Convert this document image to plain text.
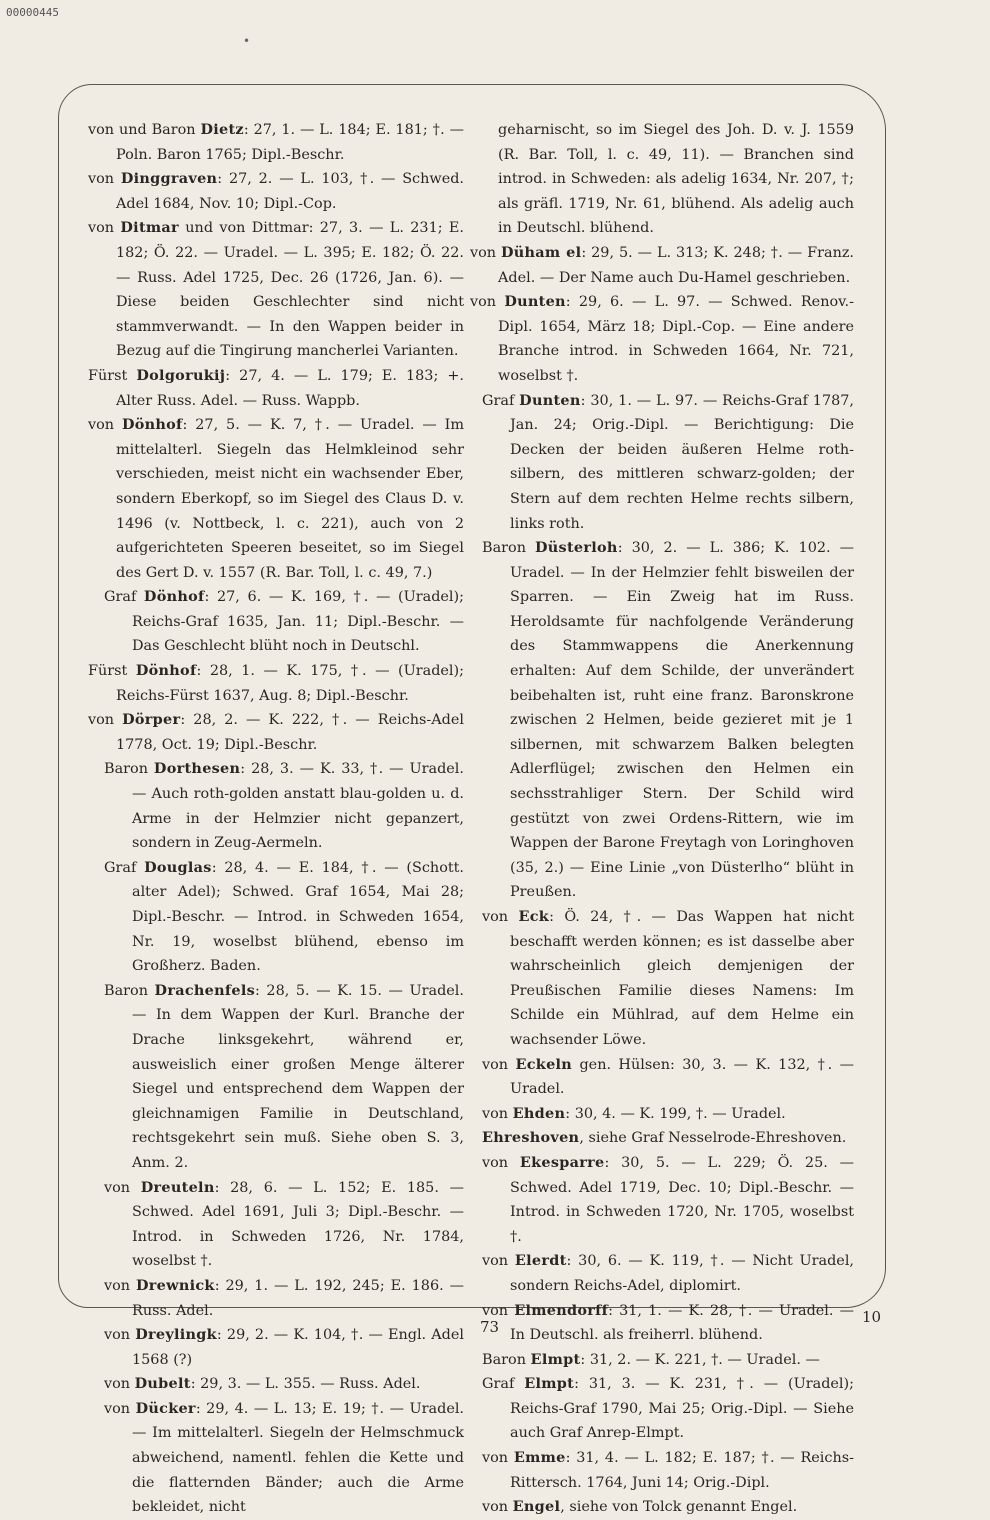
00000445
•

von und Baron Dietz: 27, 1. — L. 184; E. 181; †. — Poln. Baron 1765; Dipl.-Beschr.

von Dinggraven: 27, 2. — L. 103, †. — Schwed. Adel 1684, Nov. 10; Dipl.-Cop.

von Ditmar und von Dittmar: 27, 3. — L. 231; E. 182; Ö. 22. — Uradel. — L. 395; E. 182; Ö. 22. — Russ. Adel 1725, Dec. 26 (1726, Jan. 6). — Diese beiden Geschlechter sind nicht stammverwandt. — In den Wappen beider in Bezug auf die Tingirung mancherlei Varianten.

Fürst Dolgorukij: 27, 4. — L. 179; E. 183; +. Alter Russ. Adel. — Russ. Wappb.

von Dönhof: 27, 5. — K. 7, †. — Uradel. — Im mittelalterl. Siegeln das Helmkleinod sehr verschieden, meist nicht ein wachsender Eber, sondern Eberkopf, so im Siegel des Claus D. v. 1496 (v. Nottbeck, l. c. 221), auch von 2 aufgerichteten Speeren beseitet, so im Siegel des Gert D. v. 1557 (R. Bar. Toll, l. c. 49, 7.)

Graf Dönhof: 27, 6. — K. 169, †. — (Uradel); Reichs-Graf 1635, Jan. 11; Dipl.-Beschr. — Das Geschlecht blüht noch in Deutschl.

Fürst Dönhof: 28, 1. — K. 175, †. — (Uradel); Reichs-Fürst 1637, Aug. 8; Dipl.-Beschr.

von Dörper: 28, 2. — K. 222, †. — Reichs-Adel 1778, Oct. 19; Dipl.-Beschr.

Baron Dorthesen: 28, 3. — K. 33, †. — Uradel. — Auch roth-golden anstatt blau-golden u. d. Arme in der Helmzier nicht gepanzert, sondern in Zeug-Aermeln.

Graf Douglas: 28, 4. — E. 184, †. — (Schott. alter Adel); Schwed. Graf 1654, Mai 28; Dipl.-Beschr. — Introd. in Schweden 1654, Nr. 19, woselbst blühend, ebenso im Großherz. Baden.

Baron Drachenfels: 28, 5. — K. 15. — Uradel. — In dem Wappen der Kurl. Branche der Drache linksgekehrt, während er, ausweislich einer großen Menge älterer Siegel und entsprechend dem Wappen der gleichnamigen Familie in Deutschland, rechtsgekehrt sein muß. Siehe oben S. 3, Anm. 2.

von Dreuteln: 28, 6. — L. 152; E. 185. — Schwed. Adel 1691, Juli 3; Dipl.-Beschr. — Introd. in Schweden 1726, Nr. 1784, woselbst †.

von Drewnick: 29, 1. — L. 192, 245; E. 186. — Russ. Adel.

von Dreylingk: 29, 2. — K. 104, †. — Engl. Adel 1568 (?)

von Dubelt: 29, 3. — L. 355. — Russ. Adel.

von Dücker: 29, 4. — L. 13; E. 19; †. — Uradel. — Im mittelalterl. Siegeln der Helmschmuck abweichend, namentl. fehlen die Kette und die flatternden Bänder; auch die Arme bekleidet, nicht

geharnischt, so im Siegel des Joh. D. v. J. 1559 (R. Bar. Toll, l. c. 49, 11). — Branchen sind introd. in Schweden: als adelig 1634, Nr. 207, †; als gräfl. 1719, Nr. 61, blühend. Als adelig auch in Deutschl. blühend.

von Düham el: 29, 5. — L. 313; K. 248; †. — Franz. Adel. — Der Name auch Du-Hamel geschrieben.

von Dunten: 29, 6. — L. 97. — Schwed. Renov.-Dipl. 1654, März 18; Dipl.-Cop. — Eine andere Branche introd. in Schweden 1664, Nr. 721, woselbst †.

Graf Dunten: 30, 1. — L. 97. — Reichs-Graf 1787, Jan. 24; Orig.-Dipl. — Berichtigung: Die Decken der beiden äußeren Helme roth-silbern, des mittleren schwarz-golden; der Stern auf dem rechten Helme rechts silbern, links roth.

Baron Düsterloh: 30, 2. — L. 386; K. 102. — Uradel. — In der Helmzier fehlt bisweilen der Sparren. — Ein Zweig hat im Russ. Heroldsamte für nachfolgende Veränderung des Stammwappens die Anerkennung erhalten: Auf dem Schilde, der unverändert beibehalten ist, ruht eine franz. Baronskrone zwischen 2 Helmen, beide gezieret mit je 1 silbernen, mit schwarzem Balken belegten Adlerflügel; zwischen den Helmen ein sechsstrahliger Stern. Der Schild wird gestützt von zwei Ordens-Rittern, wie im Wappen der Barone Freytagh von Loringhoven (35, 2.) — Eine Linie „von Düsterlho“ blüht in Preußen.

von Eck: Ö. 24, †. — Das Wappen hat nicht beschafft werden können; es ist dasselbe aber wahrscheinlich gleich demjenigen der Preußischen Familie dieses Namens: Im Schilde ein Mühlrad, auf dem Helme ein wachsender Löwe.

von Eckeln gen. Hülsen: 30, 3. — K. 132, †. — Uradel.

von Ehden: 30, 4. — K. 199, †. — Uradel.

Ehreshoven, siehe Graf Nesselrode-Ehreshoven.

von Ekesparre: 30, 5. — L. 229; Ö. 25. — Schwed. Adel 1719, Dec. 10; Dipl.-Beschr. — Introd. in Schweden 1720, Nr. 1705, woselbst †.

von Elerdt: 30, 6. — K. 119, †. — Nicht Uradel, sondern Reichs-Adel, diplomirt.

von Elmendorff: 31, 1. — K. 28, †. — Uradel. — In Deutschl. als freiherrl. blühend.

Baron Elmpt: 31, 2. — K. 221, †. — Uradel. —

Graf Elmpt: 31, 3. — K. 231, †. — (Uradel); Reichs-Graf 1790, Mai 25; Orig.-Dipl. — Siehe auch Graf Anrep-Elmpt.

von Emme: 31, 4. — L. 182; E. 187; †. — Reichs-Rittersch. 1764, Juni 14; Orig.-Dipl.

von Engel, siehe von Tolck genannt Engel.

73
10
